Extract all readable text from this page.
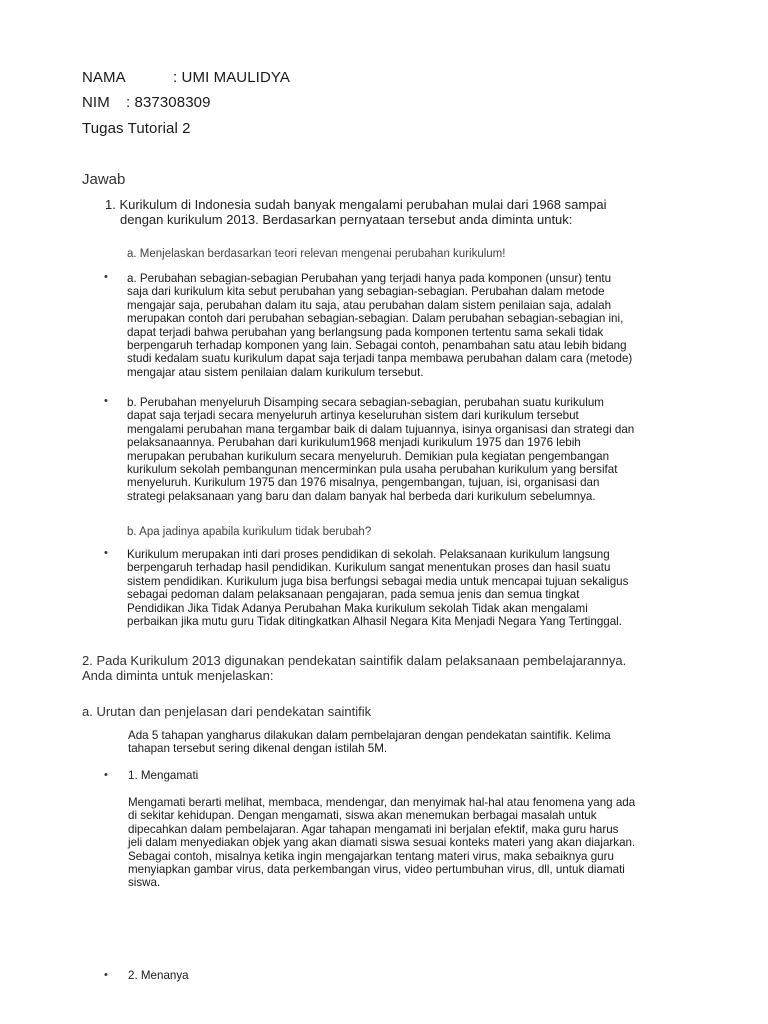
NAMA	: UMI MAULIDYA
NIM : 837308309
Tugas Tutorial 2
Jawab
1. Kurikulum di Indonesia sudah banyak mengalami perubahan mulai dari 1968 sampai
dengan kurikulum 2013. Berdasarkan pernyataan tersebut anda diminta untuk:
a. Menjelaskan berdasarkan teori relevan mengenai perubahan kurikulum!
• a. Perubahan sebagian-sebagian Perubahan yang terjadi hanya pada komponen (unsur) tentu
saja dari kurikulum kita sebut perubahan yang sebagian-sebagian. Perubahan dalam metode
mengajar saja, perubahan dalam itu saja, atau perubahan dalam sistem penilaian saja, adalah
merupakan contoh dari perubahan sebagian-sebagian. Dalam perubahan sebagian-sebagian ini,
dapat terjadi bahwa perubahan yang berlangsung pada komponen tertentu sama sekali tidak
berpengaruh terhadap komponen yang lain. Sebagai contoh, penambahan satu atau lebih bidang
studi kedalam suatu kurikulum dapat saja terjadi tanpa membawa perubahan dalam cara (metode)
mengajar atau sistem penilaian dalam kurikulum tersebut.
• b. Perubahan menyeluruh Disamping secara sebagian-sebagian, perubahan suatu kurikulum
dapat saja terjadi secara menyeluruh artinya keseluruhan sistem dari kurikulum tersebut
mengalami perubahan mana tergambar baik di dalam tujuannya, isinya organisasi dan strategi dan
pelaksanaannya. Perubahan dari kurikulum1968 menjadi kurikulum 1975 dan 1976 lebih
merupakan perubahan kurikulum secara menyeluruh. Demikian pula kegiatan pengembangan
kurikulum sekolah pembangunan mencerminkan pula usaha perubahan kurikulum yang bersifat
menyeluruh. Kurikulum 1975 dan 1976 misalnya, pengembangan, tujuan, isi, organisasi dan
strategi pelaksanaan yang baru dan dalam banyak hal berbeda dari kurikulum sebelumnya.
b. Apa jadinya apabila kurikulum tidak berubah?
• Kurikulum merupakan inti dari proses pendidikan di sekolah. Pelaksanaan kurikulum langsung
berpengaruh terhadap hasil pendidikan. Kurikulum sangat menentukan proses dan hasil suatu
sistem pendidikan. Kurikulum juga bisa berfungsi sebagai media untuk mencapai tujuan sekaligus
sebagai pedoman dalam pelaksanaan pengajaran, pada semua jenis dan semua tingkat
Pendidikan Jika Tidak Adanya Perubahan Maka kurikulum sekolah Tidak akan mengalami
perbaikan jika mutu guru Tidak ditingkatkan Alhasil Negara Kita Menjadi Negara Yang Tertinggal.
2. Pada Kurikulum 2013 digunakan pendekatan saintifik dalam pelaksanaan pembelajarannya.
Anda diminta untuk menjelaskan:
a. Urutan dan penjelasan dari pendekatan saintifik
Ada 5 tahapan yangharus dilakukan dalam pembelajaran dengan pendekatan saintifik. Kelima
tahapan tersebut sering dikenal dengan istilah 5M.
• 1. Mengamati
Mengamati berarti melihat, membaca, mendengar, dan menyimak hal-hal atau fenomena yang ada
di sekitar kehidupan. Dengan mengamati, siswa akan menemukan berbagai masalah untuk
dipecahkan dalam pembelajaran. Agar tahapan mengamati ini berjalan efektif, maka guru harus
jeli dalam menyediakan objek yang akan diamati siswa sesuai konteks materi yang akan diajarkan.
Sebagai contoh, misalnya ketika ingin mengajarkan tentang materi virus, maka sebaiknya guru
menyiapkan gambar virus, data perkembangan virus, video pertumbuhan virus, dll, untuk diamati
siswa.
• 2. Menanya
